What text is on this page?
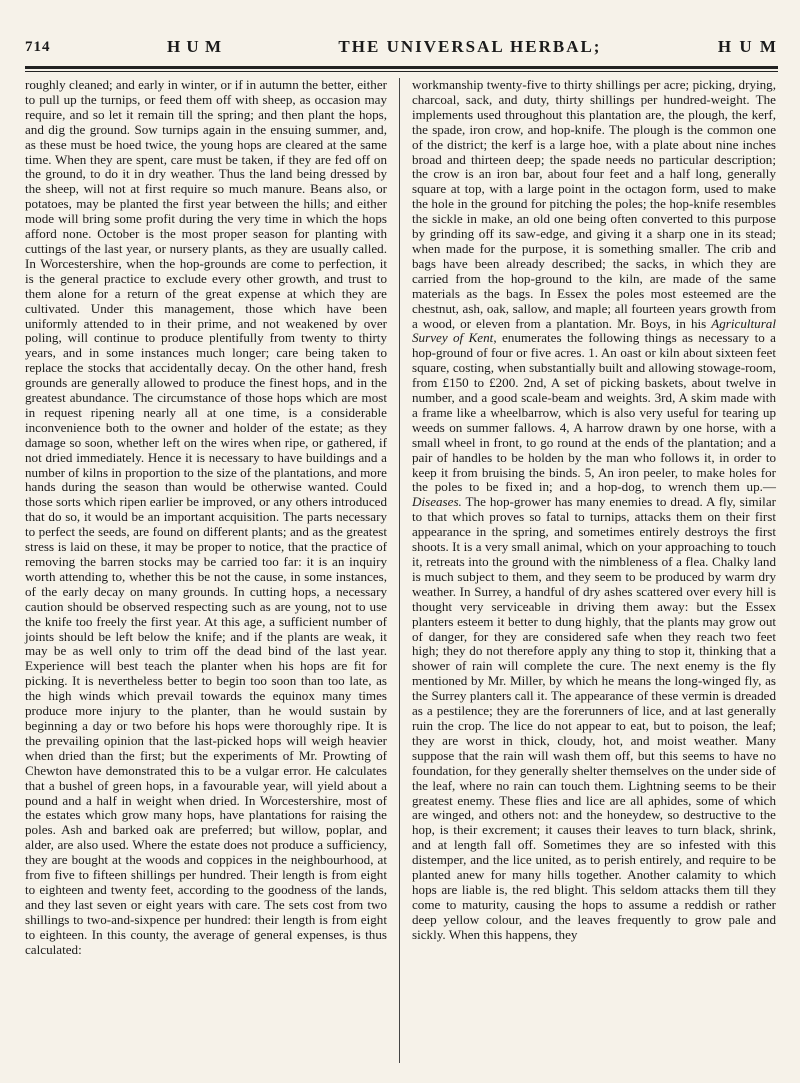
714	H U M	THE UNIVERSAL HERBAL;	H U M

roughly cleaned; and early in winter, or if in autumn the better, either to pull up the turnips, or feed them off with sheep, as occasion may require, and so let it remain till the spring; and then plant the hops, and dig the ground. Sow turnips again in the ensuing summer, and, as these must be hoed twice, the young hops are cleared at the same time. When they are spent, care must be taken, if they are fed off on the ground, to do it in dry weather. Thus the land being dressed by the sheep, will not at first require so much manure. Beans also, or potatoes, may be planted the first year between the hills; and either mode will bring some profit during the very time in which the hops afford none. October is the most proper season for planting with cuttings of the last year, or nursery plants, as they are usually called. In Worcestershire, when the hop-grounds are come to perfection, it is the general practice to exclude every other growth, and trust to them alone for a return of the great expense at which they are cultivated. Under this management, those which have been uniformly attended to in their prime, and not weakened by over poling, will continue to produce plentifully from twenty to thirty years, and in some instances much longer; care being taken to replace the stocks that accidentally decay. On the other hand, fresh grounds are generally allowed to produce the finest hops, and in the greatest abundance. The circumstance of those hops which are most in request ripening nearly all at one time, is a considerable inconvenience both to the owner and holder of the estate; as they damage so soon, whether left on the wires when ripe, or gathered, if not dried immediately. Hence it is necessary to have buildings and a number of kilns in proportion to the size of the plantations, and more hands during the season than would be otherwise wanted. Could those sorts which ripen earlier be improved, or any others introduced that do so, it would be an important acquisition. The parts necessary to perfect the seeds, are found on different plants; and as the greatest stress is laid on these, it may be proper to notice, that the practice of removing the barren stocks may be carried too far: it is an inquiry worth attending to, whether this be not the cause, in some instances, of the early decay on many grounds. In cutting hops, a necessary caution should be observed respecting such as are young, not to use the knife too freely the first year. At this age, a sufficient number of joints should be left below the knife; and if the plants are weak, it may be as well only to trim off the dead bind of the last year. Experience will best teach the planter when his hops are fit for picking. It is nevertheless better to begin too soon than too late, as the high winds which prevail towards the equinox many times produce more injury to the planter, than he would sustain by beginning a day or two before his hops were thoroughly ripe. It is the prevailing opinion that the last-picked hops will weigh heavier when dried than the first; but the experiments of Mr. Prowting of Chewton have demonstrated this to be a vulgar error. He calculates that a bushel of green hops, in a favourable year, will yield about a pound and a half in weight when dried. In Worcestershire, most of the estates which grow many hops, have plantations for raising the poles. Ash and barked oak are preferred; but willow, poplar, and alder, are also used. Where the estate does not produce a sufficiency, they are bought at the woods and coppices in the neighbourhood, at from five to fifteen shillings per hundred. Their length is from eight to eighteen and twenty feet, according to the goodness of the lands, and they last seven or eight years with care. The sets cost from two shillings to two-and-sixpence per hundred: their length is from eight to eighteen. In this county, the average of general expenses, is thus calculated:

workmanship twenty-five to thirty shillings per acre; picking, drying, charcoal, sack, and duty, thirty shillings per hundred-weight. The implements used throughout this plantation are, the plough, the kerf, the spade, iron crow, and hop-knife. The plough is the common one of the district; the kerf is a large hoe, with a plate about nine inches broad and thirteen deep; the spade needs no particular description; the crow is an iron bar, about four feet and a half long, generally square at top, with a large point in the octagon form, used to make the hole in the ground for pitching the poles; the hop-knife resembles the sickle in make, an old one being often converted to this purpose by grinding off its saw-edge, and giving it a sharp one in its stead; when made for the purpose, it is something smaller. The crib and bags have been already described; the sacks, in which they are carried from the hop-ground to the kiln, are made of the same materials as the bags. In Essex the poles most esteemed are the chestnut, ash, oak, sallow, and maple; all fourteen years growth from a wood, or eleven from a plantation. Mr. Boys, in his Agricultural Survey of Kent, enumerates the following things as necessary to a hop-ground of four or five acres. 1. An oast or kiln about sixteen feet square, costing, when substantially built and allowing stowage-room, from £150 to £200. 2nd, A set of picking baskets, about twelve in number, and a good scale-beam and weights. 3rd, A skim made with a frame like a wheelbarrow, which is also very useful for tearing up weeds on summer fallows. 4, A harrow drawn by one horse, with a small wheel in front, to go round at the ends of the plantation; and a pair of handles to be holden by the man who follows it, in order to keep it from bruising the binds. 5, An iron peeler, to make holes for the poles to be fixed in; and a hop-dog, to wrench them up.— Diseases. The hop-grower has many enemies to dread. A fly, similar to that which proves so fatal to turnips, attacks them on their first appearance in the spring, and sometimes entirely destroys the first shoots. It is a very small animal, which on your approaching to touch it, retreats into the ground with the nimbleness of a flea. Chalky land is much subject to them, and they seem to be produced by warm dry weather. In Surrey, a handful of dry ashes scattered over every hill is thought very serviceable in driving them away: but the Essex planters esteem it better to dung highly, that the plants may grow out of danger, for they are considered safe when they reach two feet high; they do not therefore apply any thing to stop it, thinking that a shower of rain will complete the cure. The next enemy is the fly mentioned by Mr. Miller, by which he means the long-winged fly, as the Surrey planters call it. The appearance of these vermin is dreaded as a pestilence; they are the forerunners of lice, and at last generally ruin the crop. The lice do not appear to eat, but to poison, the leaf; they are worst in thick, cloudy, hot, and moist weather. Many suppose that the rain will wash them off, but this seems to have no foundation, for they generally shelter themselves on the under side of the leaf, where no rain can touch them. Lightning seems to be their greatest enemy. These flies and lice are all aphides, some of which are winged, and others not: and the honeydew, so destructive to the hop, is their excrement; it causes their leaves to turn black, shrink, and at length fall off. Sometimes they are so infested with this distemper, and the lice united, as to perish entirely, and require to be planted anew for many hills together. Another calamity to which hops are liable is, the red blight. This seldom attacks them till they come to maturity, causing the hops to assume a reddish or rather deep yellow colour, and the leaves frequently to grow pale and sickly. When this happens, they
